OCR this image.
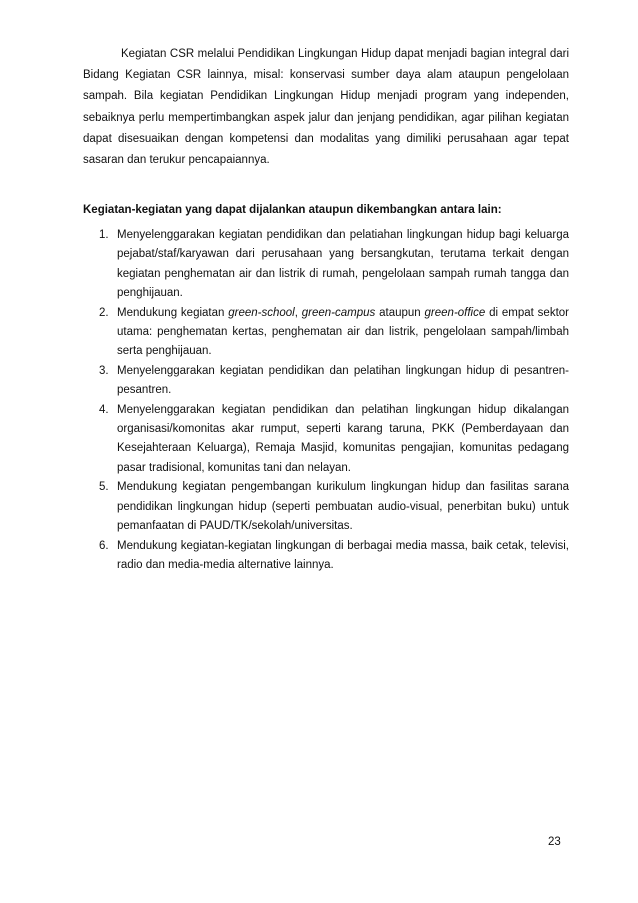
Kegiatan CSR melalui Pendidikan Lingkungan Hidup dapat menjadi bagian integral dari Bidang Kegiatan CSR lainnya, misal: konservasi sumber daya alam ataupun pengelolaan sampah. Bila kegiatan Pendidikan Lingkungan Hidup menjadi program yang independen, sebaiknya perlu mempertimbangkan aspek jalur dan jenjang pendidikan, agar pilihan kegiatan dapat disesuaikan dengan kompetensi dan modalitas yang dimiliki perusahaan agar tepat sasaran dan terukur pencapaiannya.

Kegiatan-kegiatan yang dapat dijalankan ataupun dikembangkan antara lain:

1. Menyelenggarakan kegiatan pendidikan dan pelatiahan lingkungan hidup bagi keluarga pejabat/staf/karyawan dari perusahaan yang bersangkutan, terutama terkait dengan kegiatan penghematan air dan listrik di rumah, pengelolaan sampah rumah tangga dan penghijauan.
2. Mendukung kegiatan green-school, green-campus ataupun green-office di empat sektor utama: penghematan kertas, penghematan air dan listrik, pengelolaan sampah/limbah serta penghijauan.
3. Menyelenggarakan kegiatan pendidikan dan pelatihan lingkungan hidup di pesantren-pesantren.
4. Menyelenggarakan kegiatan pendidikan dan pelatihan lingkungan hidup dikalangan organisasi/komonitas akar rumput, seperti karang taruna, PKK (Pemberdayaan dan Kesejahteraan Keluarga), Remaja Masjid, komunitas pengajian, komunitas pedagang pasar tradisional, komunitas tani dan nelayan.
5. Mendukung kegiatan pengembangan kurikulum lingkungan hidup dan fasilitas sarana pendidikan lingkungan hidup (seperti pembuatan audio-visual, penerbitan buku) untuk pemanfaatan di PAUD/TK/sekolah/universitas.
6. Mendukung kegiatan-kegiatan lingkungan di berbagai media massa, baik cetak, televisi, radio dan media-media alternative lainnya.
23
